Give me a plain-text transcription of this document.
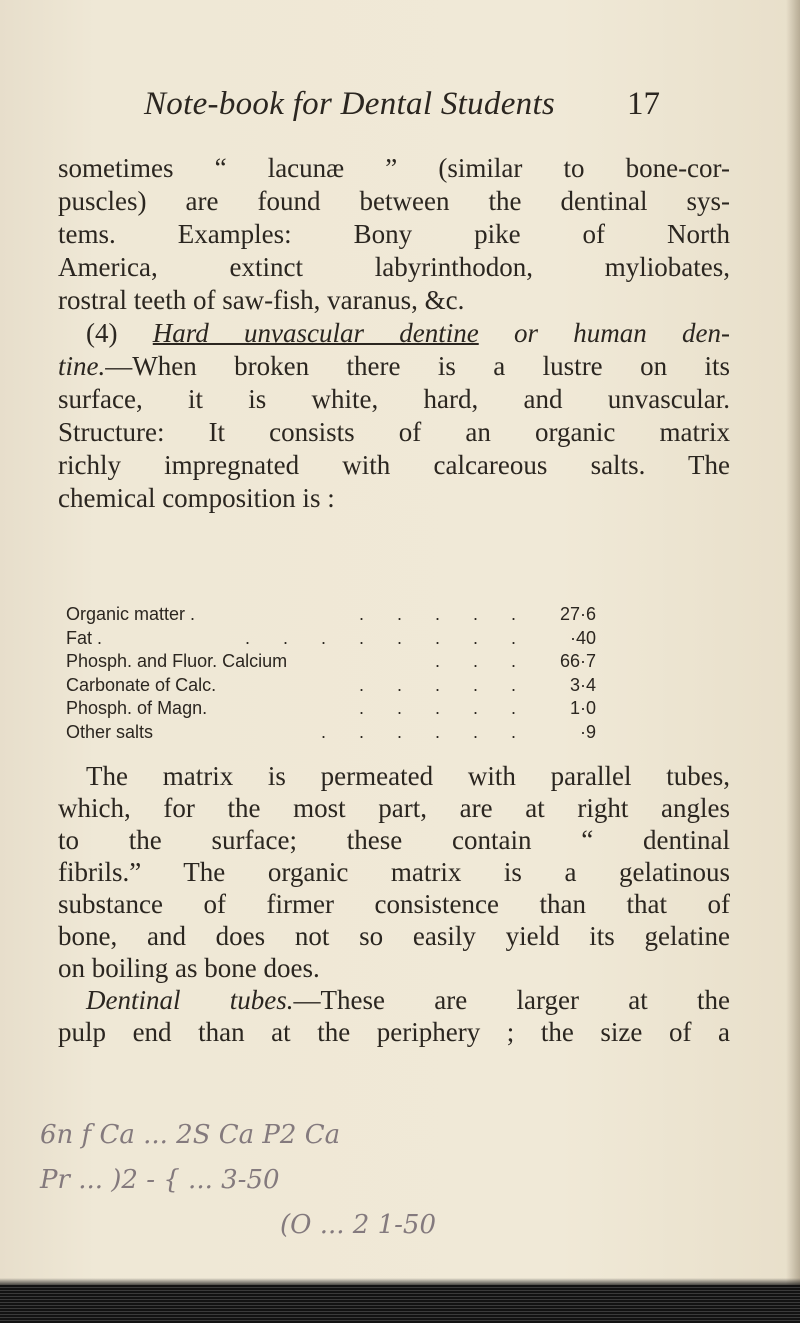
Note-book for Dental Students 17
sometimes “ lacunæ ” (similar to bone-cor-
puscles) are found between the dentinal sys-
tems. Examples: Bony pike of North
America, extinct labyrinthodon, myliobates,
rostral teeth of saw-fish, varanus, &c.
(4) Hard unvascular dentine or human den-
tine.—When broken there is a lustre on its
surface, it is white, hard, and unvascular.
Structure: It consists of an organic matrix
richly impregnated with calcareous salts. The
chemical composition is :
Organic matter .	. . . . .	27·6
Fat .	. . . . . . . .	·40
Phosph. and Fluor. Calcium	. . .	66·7
Carbonate of Calc.	. . . . .	3·4
Phosph. of Magn.	. . . . .	1·0
Other salts	. . . . . .	·9
The matrix is permeated with parallel tubes,
which, for the most part, are at right angles
to the surface; these contain “ dentinal
fibrils.” The organic matrix is a gelatinous
substance of firmer consistence than that of
bone, and does not so easily yield its gelatine
on boiling as bone does.
Dentinal tubes.—These are larger at the
pulp end than at the periphery ; the size of a
6n f Ca ... 2S Ca P2 Ca
Pr ... )2 - { ... 3-50
(O ... 2 1-50
